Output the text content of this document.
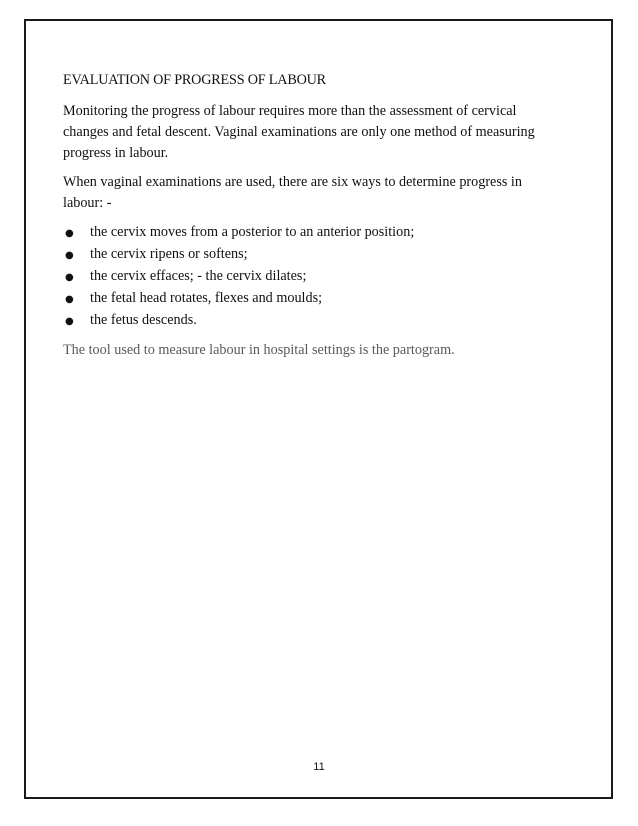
EVALUATION OF PROGRESS OF LABOUR

Monitoring the progress of labour requires more than the assessment of cervical changes and fetal descent. Vaginal examinations are only one method of measuring progress in labour.

When vaginal examinations are used, there are six ways to determine progress in labour: -

●	the cervix moves from a posterior to an anterior position;
●	the cervix ripens or softens;
●	the cervix effaces; - the cervix dilates;
●	the fetal head rotates, flexes and moulds;
●	the fetus descends.

The tool used to measure labour in hospital settings is the partogram.

11
